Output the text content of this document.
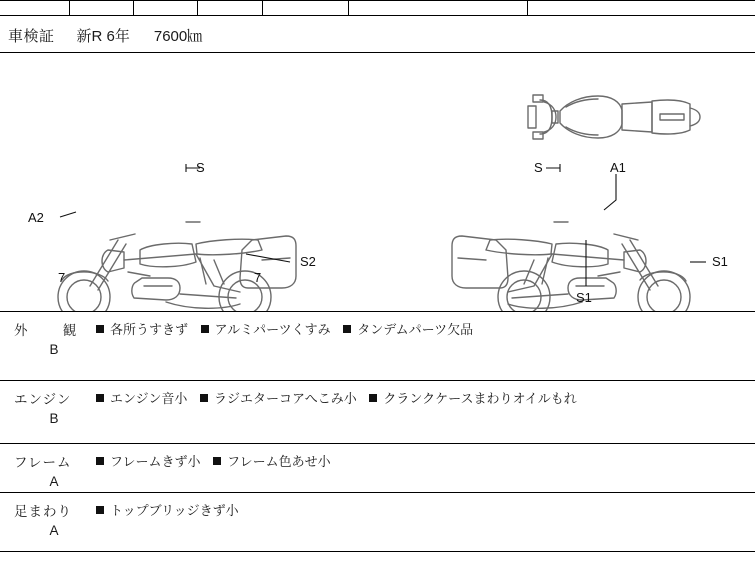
車検証 新R 6年 7600㎞
S
A2
7	7
S2
S	A1
S1
S1
外　 観
B
各所うすきず アルミパーツくすみ タンデムパーツ欠品
エンジン
B
エンジン音小 ラジエターコアへこみ小 クランクケースまわりオイルもれ
フレーム
A
フレームきず小 フレーム色あせ小
足まわり
A
トップブリッジきず小
